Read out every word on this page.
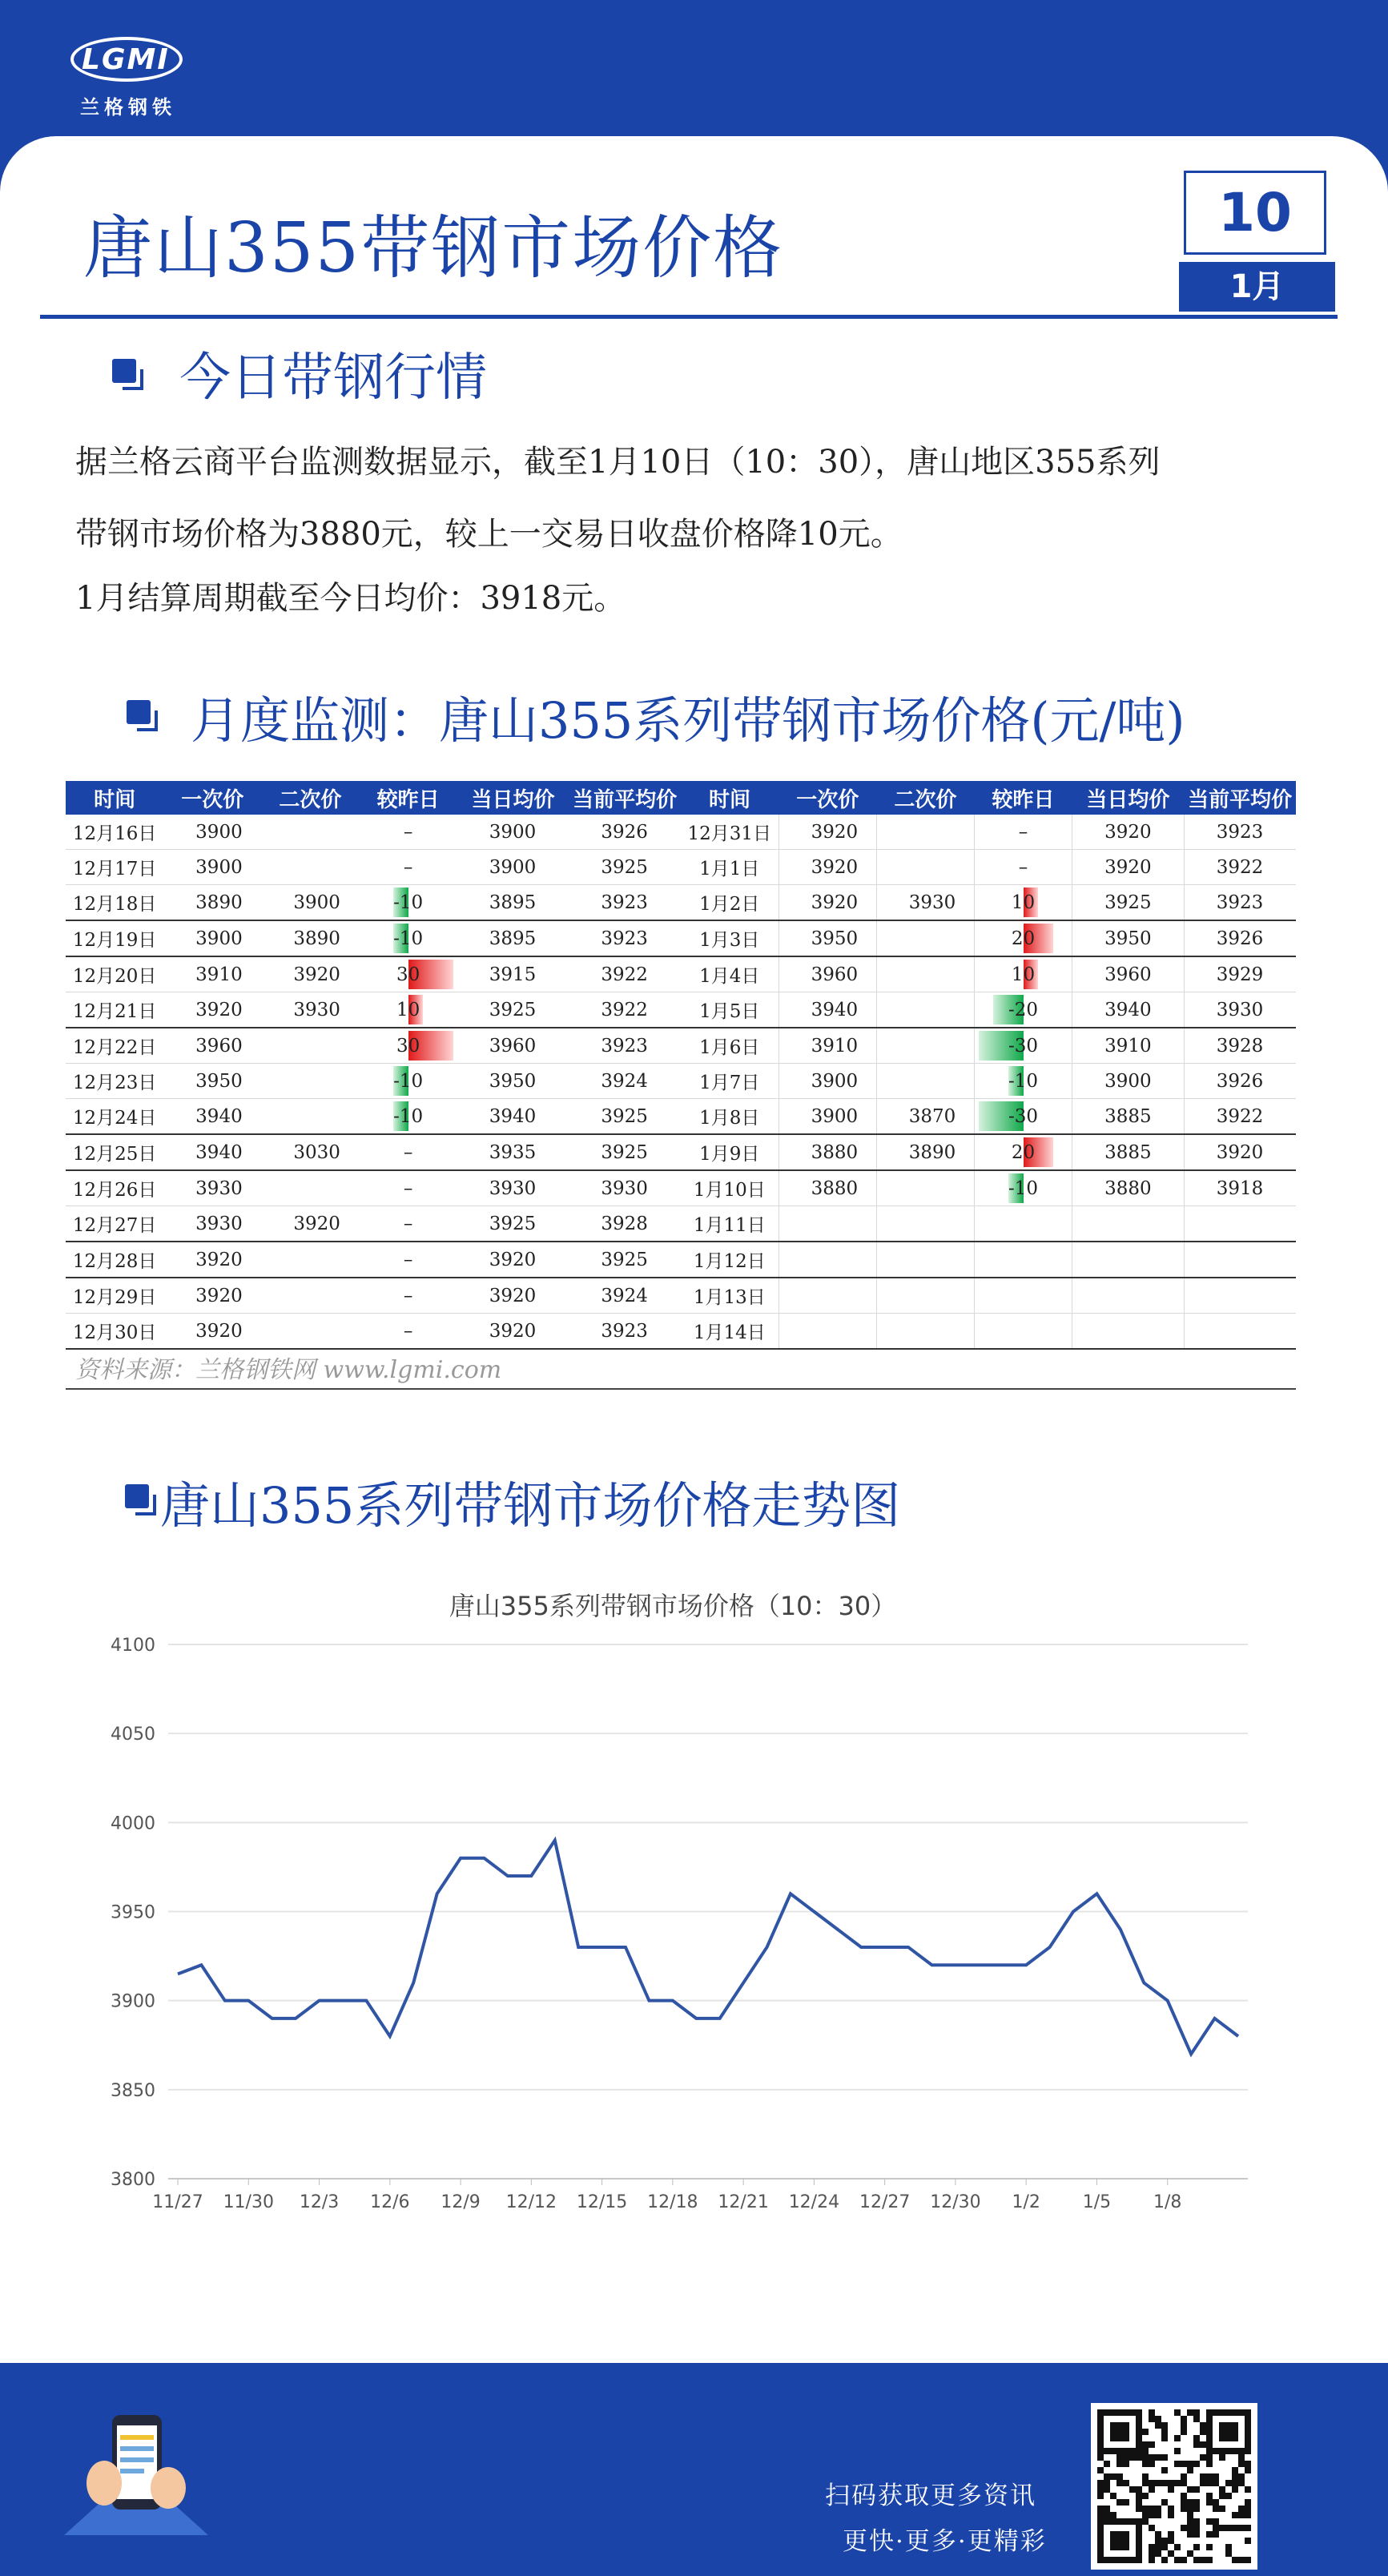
LGMI
兰格钢铁
唐山355带钢市场价格	10
1月
今日带钢行情
据兰格云商平台监测数据显示，截至1月10日（10：30），唐山地区355系列
带钢市场价格为3880元，较上一交易日收盘价格降10元。
1月结算周期截至今日均价：3918元。
月度监测：唐山355系列带钢市场价格(元/吨)
时间	一次价	二次价	较昨日	当日均价	当前平均价	时间	一次价	二次价	较昨日	当日均价	当前平均价
12月16日	3900		–	3900	3926	12月31日	3920		–	3920	3923
12月17日	3900		–	3900	3925	1月1日	3920		–	3920	3922
12月18日	3890	3900	-10	3895	3923	1月2日	3920	3930	10	3925	3923
12月19日	3900	3890	-10	3895	3923	1月3日	3950		20	3950	3926
12月20日	3910	3920	30	3915	3922	1月4日	3960		10	3960	3929
12月21日	3920	3930	10	3925	3922	1月5日	3940		-20	3940	3930
12月22日	3960		30	3960	3923	1月6日	3910		-30	3910	3928
12月23日	3950		-10	3950	3924	1月7日	3900		-10	3900	3926
12月24日	3940		-10	3940	3925	1月8日	3900	3870	-30	3885	3922
12月25日	3940	3030	–	3935	3925	1月9日	3880	3890	20	3885	3920
12月26日	3930		–	3930	3930	1月10日	3880		-10	3880	3918
12月27日	3930	3920	–	3925	3928	1月11日			

12月28日	3920		–	3920	3925	1月12日			

12月29日	3920		–	3920	3924	1月13日			

12月30日	3920		–	3920	3923	1月14日			

资料来源：兰格钢铁网 www.lgmi.com
唐山355系列带钢市场价格走势图
唐山355系列带钢市场价格（10：30）
3800
3850
3900
3950
4000
4050
4100
11/27 11/30 12/3 12/6 12/9 12/12 12/15 12/18 12/21 12/24 12/27 12/30 1/2 1/5 1/8
扫码获取更多资讯
更快·更多·更精彩
